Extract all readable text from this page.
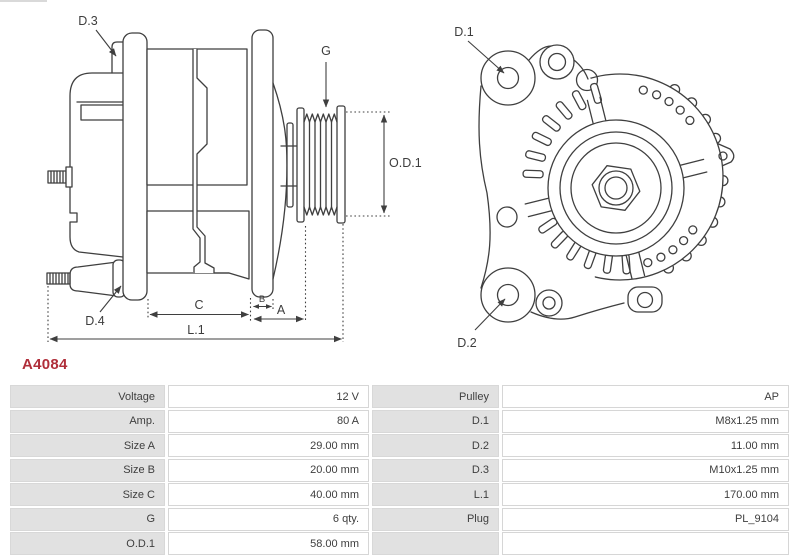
D.3
D.4
G
O.D.1
C	B
A
L.1
D.1
D.2
A4084
Voltage	12 V	Pulley	AP
Amp.	80 A	D.1	M8x1.25 mm
Size A	29.00 mm	D.2	11.00 mm
Size B	20.00 mm	D.3	M10x1.25 mm
Size C	40.00 mm	L.1	170.00 mm
G	6 qty.	Plug	PL_9104
O.D.1	58.00 mm
